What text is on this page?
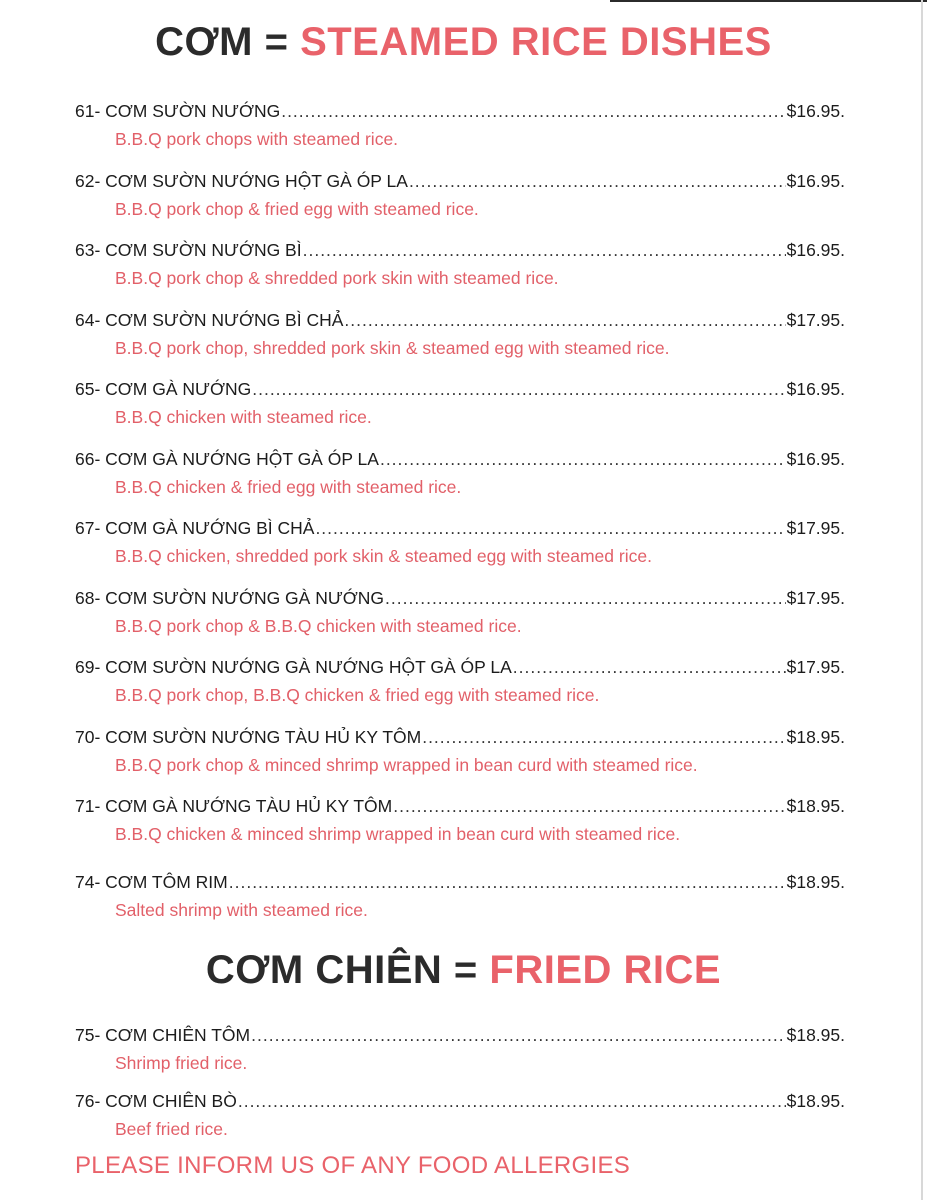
CƠM = STEAMED RICE DISHES
61- CƠM SƯỜN NƯỚNG .....	$16.95.
B.B.Q pork chops with steamed rice.
62- CƠM SƯỜN NƯỚNG HỘT GÀ ÓP LA .....	$16.95.
B.B.Q pork chop & fried egg with steamed rice.
63- CƠM SƯỜN NƯỚNG BÌ .....	$16.95.
B.B.Q pork chop & shredded pork skin with steamed rice.
64- CƠM SƯỜN NƯỚNG BÌ CHẢ .....	$17.95.
B.B.Q pork chop, shredded pork skin & steamed egg with steamed rice.
65- CƠM GÀ NƯỚNG .....	$16.95.
B.B.Q chicken with steamed rice.
66- CƠM GÀ NƯỚNG HỘT GÀ ÓP LA .....	$16.95.
B.B.Q chicken & fried egg with steamed rice.
67- CƠM GÀ NƯỚNG BÌ CHẢ .....	$17.95.
B.B.Q chicken, shredded pork skin & steamed egg with steamed rice.
68- CƠM SƯỜN NƯỚNG GÀ NƯỚNG .....	$17.95.
B.B.Q pork chop & B.B.Q chicken with steamed rice.
69- CƠM SƯỜN NƯỚNG GÀ NƯỚNG HỘT GÀ ÓP LA .....	$17.95.
B.B.Q pork chop, B.B.Q chicken & fried egg with steamed rice.
70- CƠM SƯỜN NƯỚNG TÀU HỦ KY TÔM .....	$18.95.
B.B.Q pork chop & minced shrimp wrapped in bean curd with steamed rice.
71- CƠM GÀ NƯỚNG TÀU HỦ KY TÔM .....	$18.95.
B.B.Q chicken & minced shrimp wrapped in bean curd with steamed rice.
74- CƠM TÔM RIM .....	$18.95.
Salted shrimp with steamed rice.
CƠM CHIÊN = FRIED RICE
75- CƠM CHIÊN TÔM .....	$18.95.
Shrimp fried rice.
76- CƠM CHIÊN BÒ .....	$18.95.
Beef fried rice.
PLEASE INFORM US OF ANY FOOD ALLERGIES
